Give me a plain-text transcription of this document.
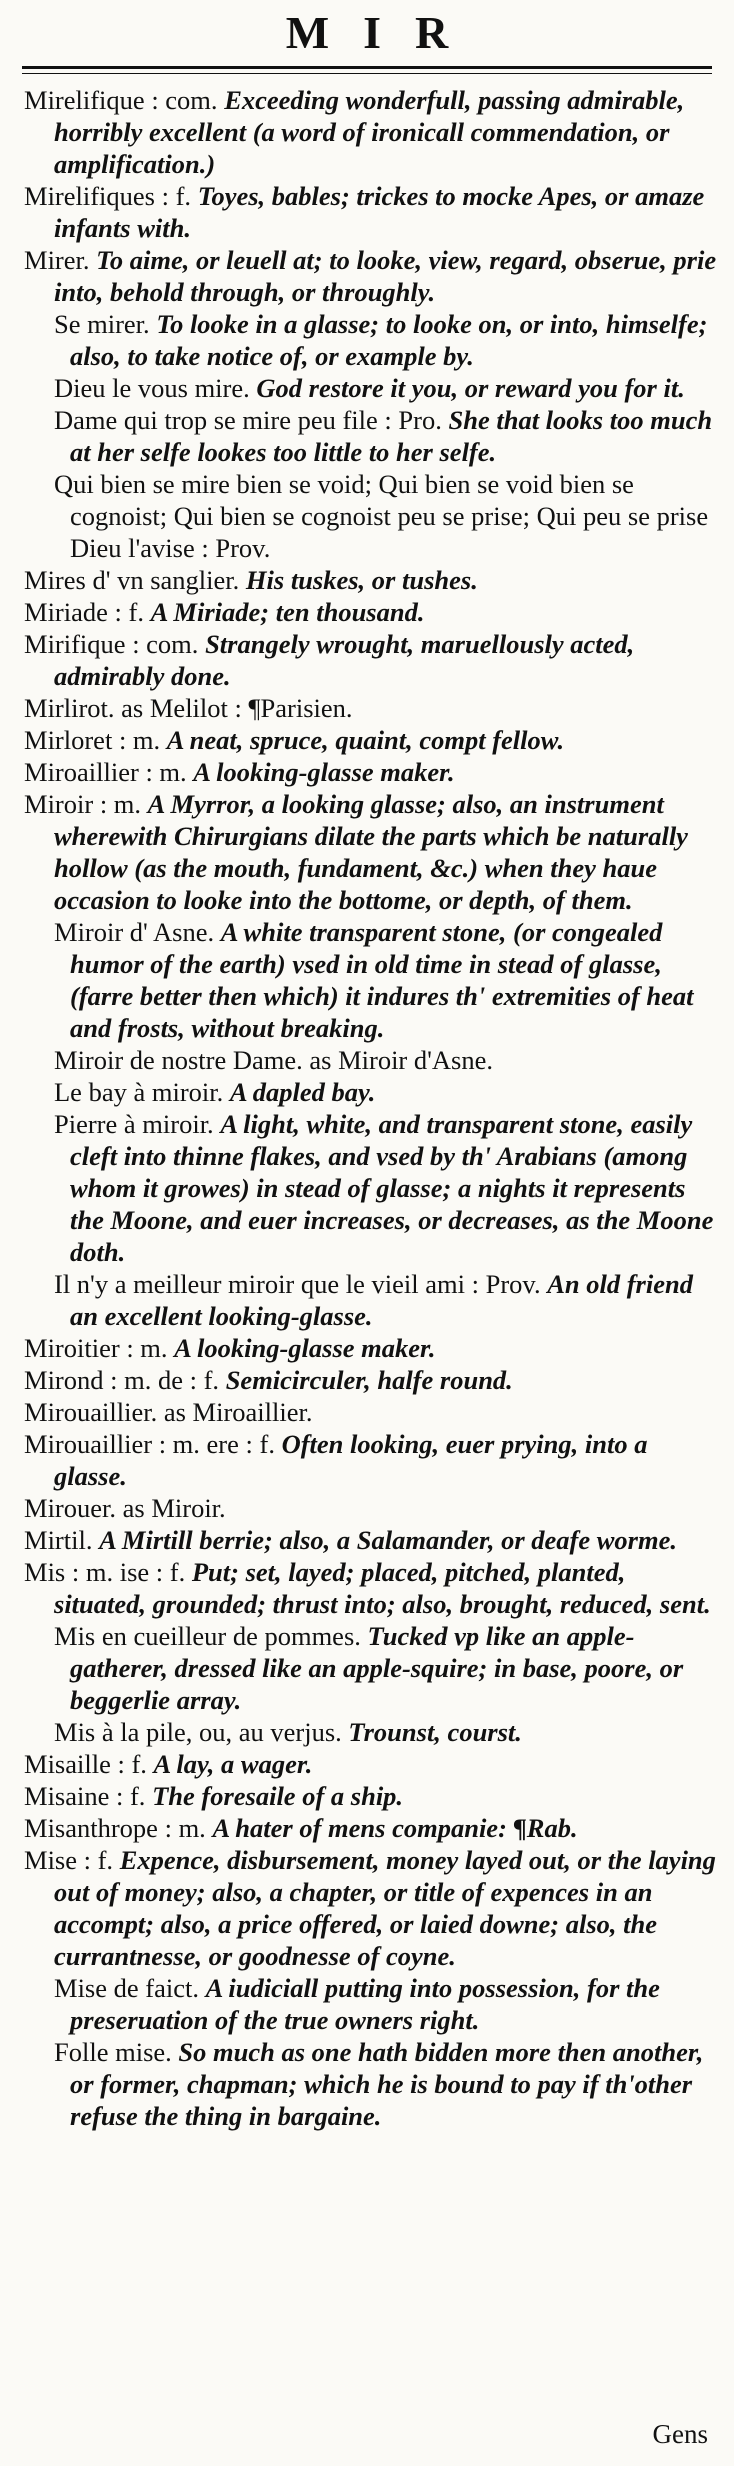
MIR

Mirelifique : com. Exceeding wonderfull, passing admirable, horribly excellent (a word of ironicall commendation, or amplification.)

Mirelifiques : f. Toyes, bables; trickes to mocke Apes, or amaze infants with.

Mirer. To aime, or leuell at; to looke, view, regard, obserue, prie into, behold through, or throughly.

Se mirer. To looke in a glasse; to looke on, or into, himselfe; also, to take notice of, or example by.

Dieu le vous mire. God restore it you, or reward you for it.

Dame qui trop se mire peu file : Pro. She that looks too much at her selfe lookes too little to her selfe.

Qui bien se mire bien se void; Qui bien se void bien se cognoist; Qui bien se cognoist peu se prise; Qui peu se prise Dieu l'avise : Prov.

Mires d' vn sanglier. His tuskes, or tushes.

Miriade : f. A Miriade; ten thousand.

Mirifique : com. Strangely wrought, maruellously acted, admirably done.

Mirlirot. as Melilot : ¶Parisien.

Mirloret : m. A neat, spruce, quaint, compt fellow.

Miroaillier : m. A looking-glasse maker.

Miroir : m. A Myrror, a looking glasse; also, an instrument wherewith Chirurgians dilate the parts which be naturally hollow (as the mouth, fundament, &c.) when they haue occasion to looke into the bottome, or depth, of them.

Miroir d' Asne. A white transparent stone, (or congealed humor of the earth) vsed in old time in stead of glasse, (farre better then which) it indures th' extremities of heat and frosts, without breaking.

Miroir de nostre Dame. as Miroir d'Asne.

Le bay à miroir. A dapled bay.

Pierre à miroir. A light, white, and transparent stone, easily cleft into thinne flakes, and vsed by th' Arabians (among whom it growes) in stead of glasse; a nights it represents the Moone, and euer increases, or decreases, as the Moone doth.

Il n'y a meilleur miroir que le vieil ami : Prov. An old friend an excellent looking-glasse.

Miroitier : m. A looking-glasse maker.

Mirond : m. de : f. Semicirculer, halfe round.

Mirouaillier. as Miroaillier.

Mirouaillier : m. ere : f. Often looking, euer prying, into a glasse.

Mirouer. as Miroir.

Mirtil. A Mirtill berrie; also, a Salamander, or deafe worme.

Mis : m. ise : f. Put; set, layed; placed, pitched, planted, situated, grounded; thrust into; also, brought, reduced, sent.

Mis en cueilleur de pommes. Tucked vp like an apple-gatherer, dressed like an apple-squire; in base, poore, or beggerlie array.

Mis à la pile, ou, au verjus. Trounst, courst.

Misaille : f. A lay, a wager.

Misaine : f. The foresaile of a ship.

Misanthrope : m. A hater of mens companie: ¶Rab.

Mise : f. Expence, disbursement, money layed out, or the laying out of money; also, a chapter, or title of expences in an accompt; also, a price offered, or laied downe; also, the currantnesse, or goodnesse of coyne.

Mise de faict. A iudiciall putting into possession, for the preseruation of the true owners right.

Folle mise. So much as one hath bidden more then another, or former, chapman; which he is bound to pay if th'other refuse the thing in bargaine.

Gens
